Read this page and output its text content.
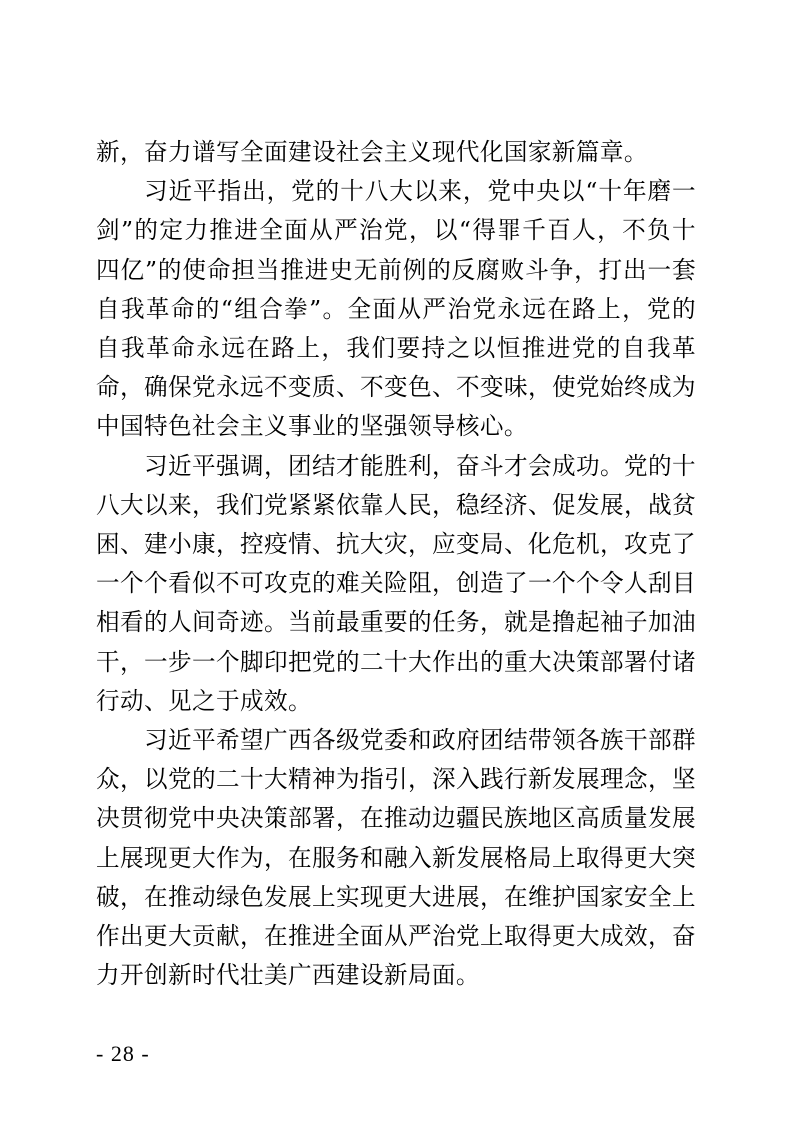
新，奋力谱写全面建设社会主义现代化国家新篇章。

习近平指出，党的十八大以来，党中央以“十年磨一剑”的定力推进全面从严治党，以“得罪千百人，不负十四亿”的使命担当推进史无前例的反腐败斗争，打出一套自我革命的“组合拳”。全面从严治党永远在路上，党的自我革命永远在路上，我们要持之以恒推进党的自我革命，确保党永远不变质、不变色、不变味，使党始终成为中国特色社会主义事业的坚强领导核心。

习近平强调，团结才能胜利，奋斗才会成功。党的十八大以来，我们党紧紧依靠人民，稳经济、促发展，战贫困、建小康，控疫情、抗大灾，应变局、化危机，攻克了一个个看似不可攻克的难关险阻，创造了一个个令人刮目相看的人间奇迹。当前最重要的任务，就是撸起袖子加油干，一步一个脚印把党的二十大作出的重大决策部署付诸行动、见之于成效。

习近平希望广西各级党委和政府团结带领各族干部群众，以党的二十大精神为指引，深入践行新发展理念，坚决贯彻党中央决策部署，在推动边疆民族地区高质量发展上展现更大作为，在服务和融入新发展格局上取得更大突破，在推动绿色发展上实现更大进展，在维护国家安全上作出更大贡献，在推进全面从严治党上取得更大成效，奋力开创新时代壮美广西建设新局面。

- 28 -
